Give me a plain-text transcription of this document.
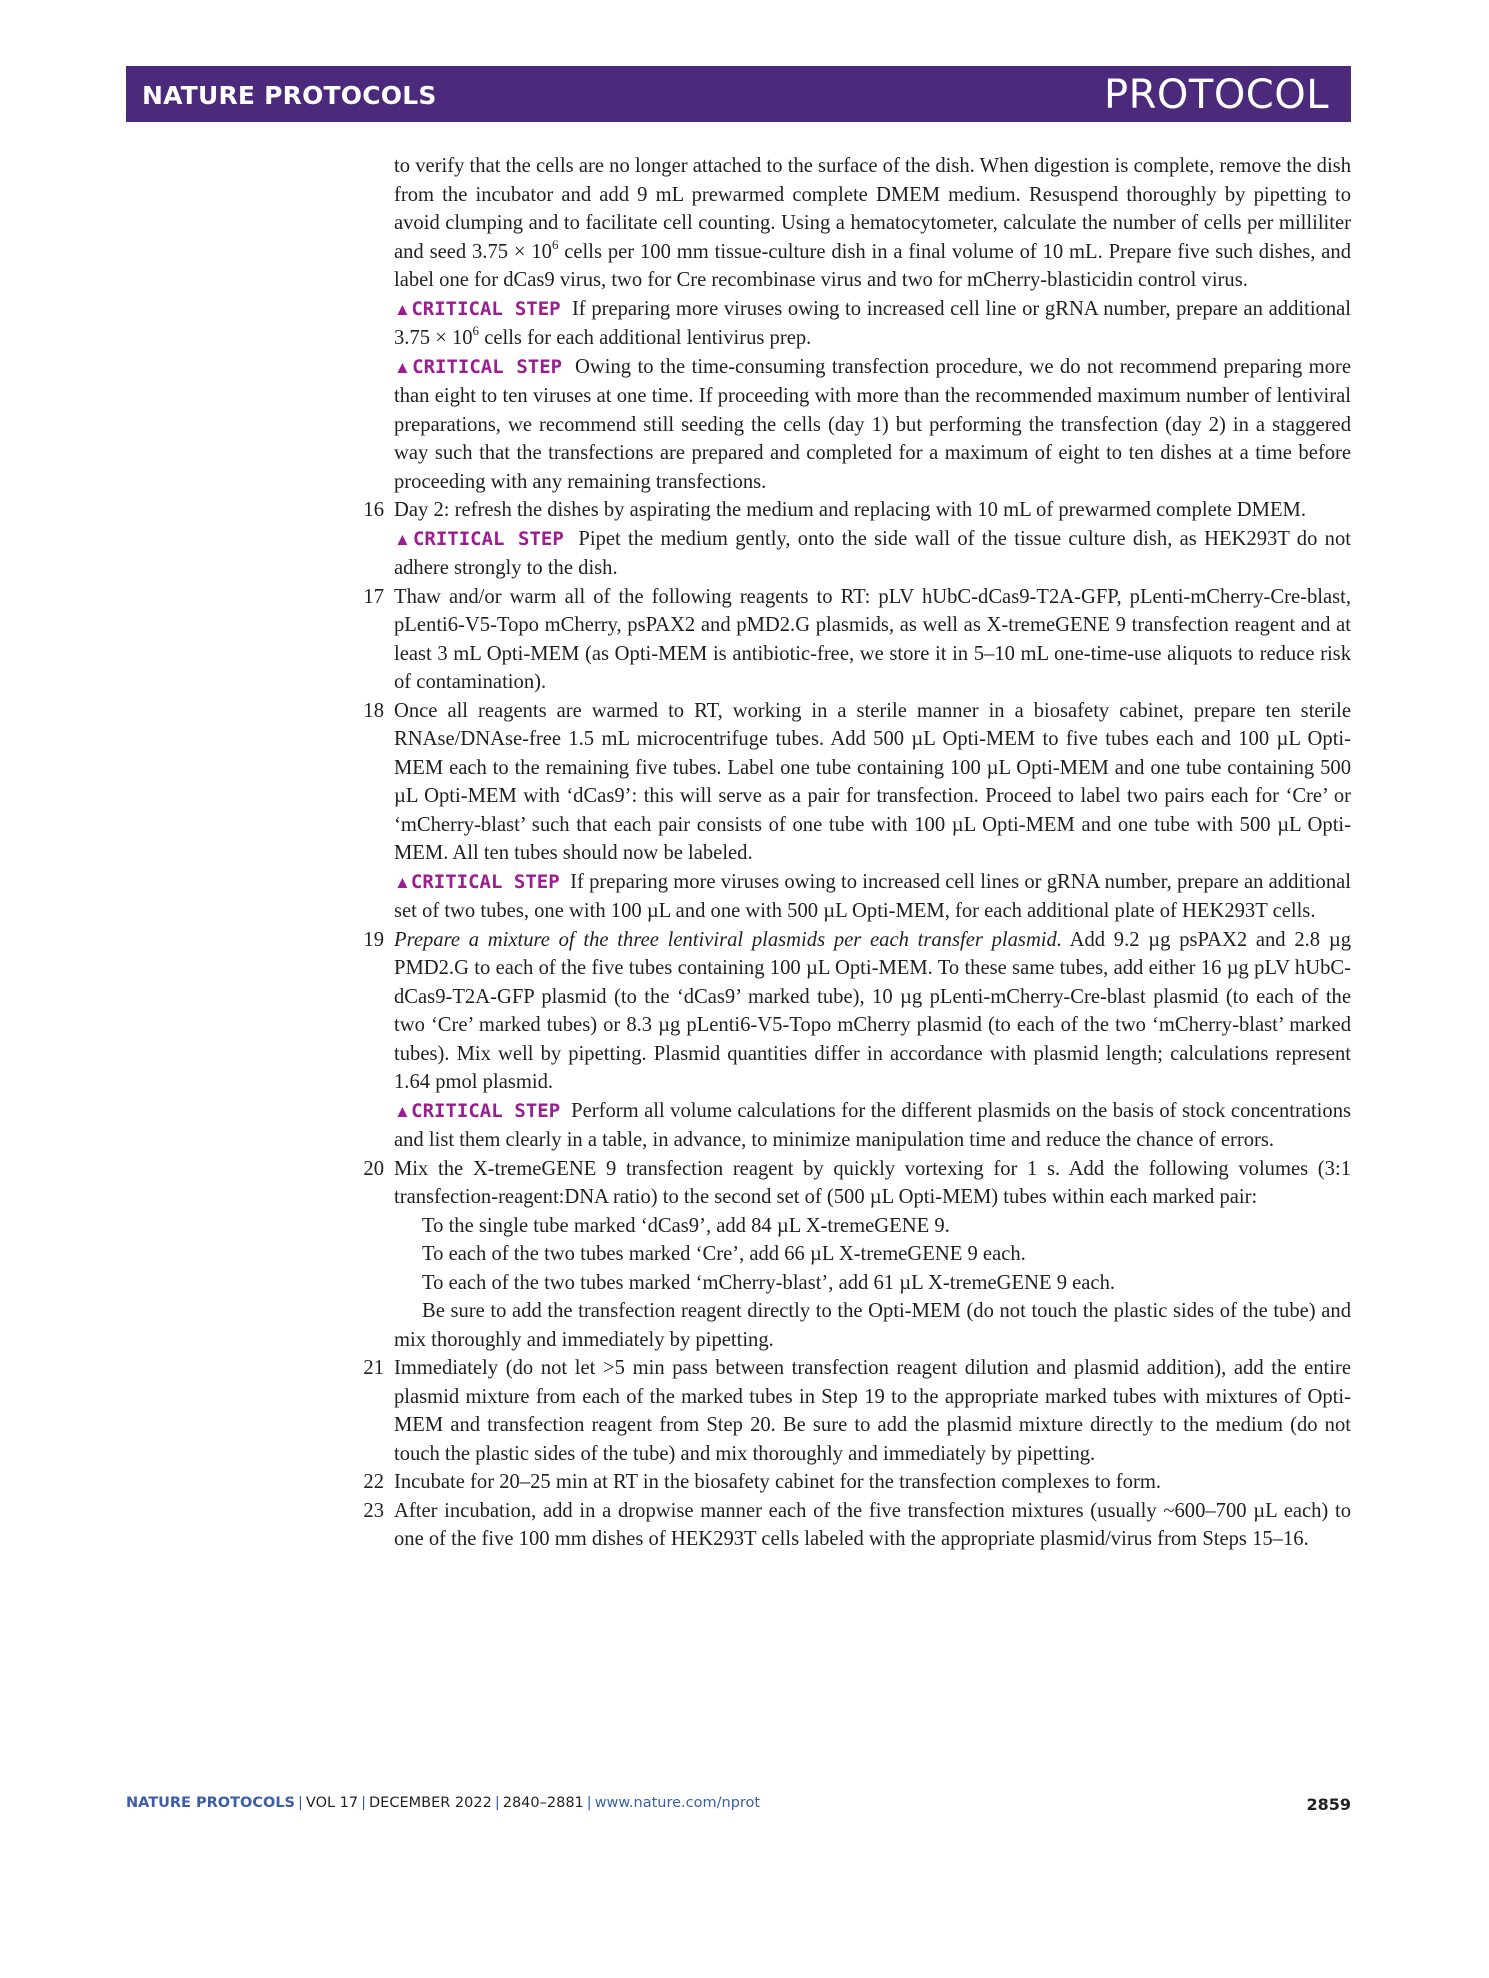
NATURE PROTOCOLS	PROTOCOL

to verify that the cells are no longer attached to the surface of the dish. When digestion is complete, remove the dish from the incubator and add 9 mL prewarmed complete DMEM medium. Resuspend thoroughly by pipetting to avoid clumping and to facilitate cell counting. Using a hematocytometer, calculate the number of cells per milliliter and seed $3.75 \times 10^6$ cells per 100 mm tissue-culture dish in a final volume of 10 mL. Prepare five such dishes, and label one for dCas9 virus, two for Cre recombinase virus and two for mCherry-blasticidin control virus.

▲CRITICAL STEP If preparing more viruses owing to increased cell line or gRNA number, prepare an additional $3.75 \times 10^6$ cells for each additional lentivirus prep.

▲CRITICAL STEP Owing to the time-consuming transfection procedure, we do not recommend preparing more than eight to ten viruses at one time. If proceeding with more than the recommended maximum number of lentiviral preparations, we recommend still seeding the cells (day 1) but performing the transfection (day 2) in a staggered way such that the transfections are prepared and completed for a maximum of eight to ten dishes at a time before proceeding with any remaining transfections.

16 Day 2: refresh the dishes by aspirating the medium and replacing with 10 mL of prewarmed complete DMEM.

▲CRITICAL STEP Pipet the medium gently, onto the side wall of the tissue culture dish, as HEK293T do not adhere strongly to the dish.

17 Thaw and/or warm all of the following reagents to RT: pLV hUbC-dCas9-T2A-GFP, pLenti-mCherry-Cre-blast, pLenti6-V5-Topo mCherry, psPAX2 and pMD2.G plasmids, as well as X-tremeGENE 9 transfection reagent and at least 3 mL Opti-MEM (as Opti-MEM is antibiotic-free, we store it in 5–10 mL one-time-use aliquots to reduce risk of contamination).

18 Once all reagents are warmed to RT, working in a sterile manner in a biosafety cabinet, prepare ten sterile RNAse/DNAse-free 1.5 mL microcentrifuge tubes. Add 500 µL Opti-MEM to five tubes each and 100 µL Opti-MEM each to the remaining five tubes. Label one tube containing 100 µL Opti-MEM and one tube containing 500 µL Opti-MEM with ‘dCas9’: this will serve as a pair for transfection. Proceed to label two pairs each for ‘Cre’ or ‘mCherry-blast’ such that each pair consists of one tube with 100 µL Opti-MEM and one tube with 500 µL Opti-MEM. All ten tubes should now be labeled.

▲CRITICAL STEP If preparing more viruses owing to increased cell lines or gRNA number, prepare an additional set of two tubes, one with 100 µL and one with 500 µL Opti-MEM, for each additional plate of HEK293T cells.

19 Prepare a mixture of the three lentiviral plasmids per each transfer plasmid. Add 9.2 µg psPAX2 and 2.8 µg PMD2.G to each of the five tubes containing 100 µL Opti-MEM. To these same tubes, add either 16 µg pLV hUbC-dCas9-T2A-GFP plasmid (to the ‘dCas9’ marked tube), 10 µg pLenti-mCherry-Cre-blast plasmid (to each of the two ‘Cre’ marked tubes) or 8.3 µg pLenti6-V5-Topo mCherry plasmid (to each of the two ‘mCherry-blast’ marked tubes). Mix well by pipetting. Plasmid quantities differ in accordance with plasmid length; calculations represent 1.64 pmol plasmid.

▲CRITICAL STEP Perform all volume calculations for the different plasmids on the basis of stock concentrations and list them clearly in a table, in advance, to minimize manipulation time and reduce the chance of errors.

20 Mix the X-tremeGENE 9 transfection reagent by quickly vortexing for 1 s. Add the following volumes (3:1 transfection-reagent:DNA ratio) to the second set of (500 µL Opti-MEM) tubes within each marked pair:

To the single tube marked ‘dCas9’, add 84 µL X-tremeGENE 9.

To each of the two tubes marked ‘Cre’, add 66 µL X-tremeGENE 9 each.

To each of the two tubes marked ‘mCherry-blast’, add 61 µL X-tremeGENE 9 each.

Be sure to add the transfection reagent directly to the Opti-MEM (do not touch the plastic sides of the tube) and mix thoroughly and immediately by pipetting.

21 Immediately (do not let >5 min pass between transfection reagent dilution and plasmid addition), add the entire plasmid mixture from each of the marked tubes in Step 19 to the appropriate marked tubes with mixtures of Opti-MEM and transfection reagent from Step 20. Be sure to add the plasmid mixture directly to the medium (do not touch the plastic sides of the tube) and mix thoroughly and immediately by pipetting.

22 Incubate for 20–25 min at RT in the biosafety cabinet for the transfection complexes to form.

23 After incubation, add in a dropwise manner each of the five transfection mixtures (usually ~600–700 µL each) to one of the five 100 mm dishes of HEK293T cells labeled with the appropriate plasmid/virus from Steps 15–16.

NATURE PROTOCOLS | VOL 17 | DECEMBER 2022 | 2840–2881 | www.nature.com/nprot	2859
